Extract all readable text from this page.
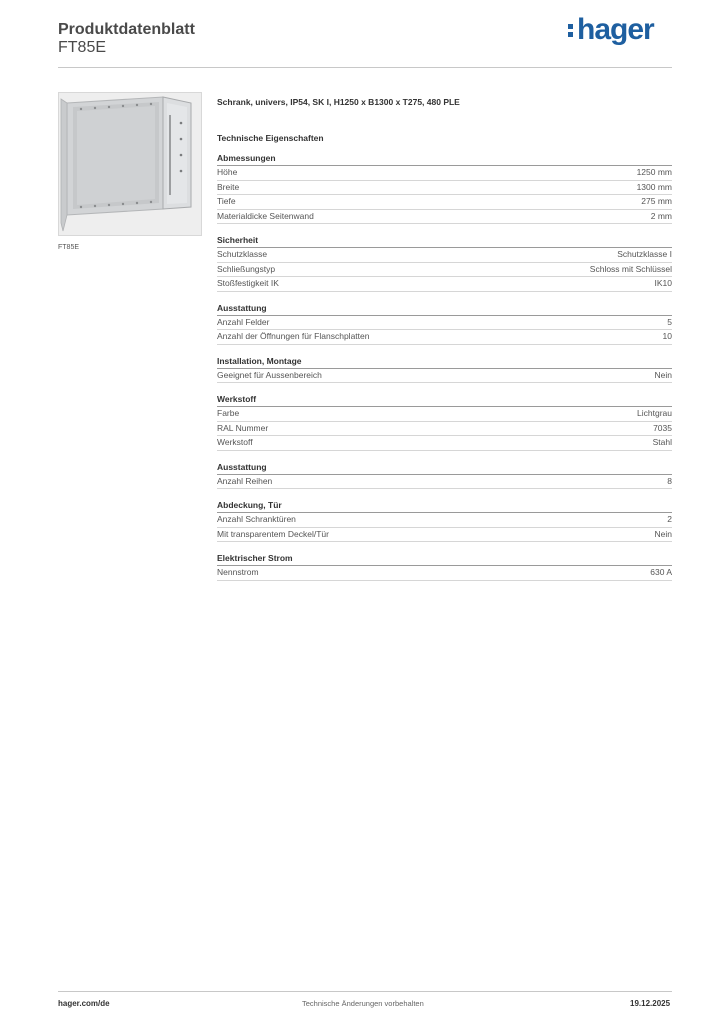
Produktdatenblatt
FT85E
hager
FT85E
Schrank, univers, IP54, SK I, H1250 x B1300 x T275, 480 PLE
Technische Eigenschaften
Abmessungen
Höhe	1250 mm
Breite	1300 mm
Tiefe	275 mm
Materialdicke Seitenwand	2 mm
Sicherheit
Schutzklasse	Schutzklasse I
Schließungstyp	Schloss mit Schlüssel
Stoßfestigkeit IK	IK10
Ausstattung
Anzahl Felder	5
Anzahl der Öffnungen für Flanschplatten	10
Installation, Montage
Geeignet für Aussenbereich	Nein
Werkstoff
Farbe	Lichtgrau
RAL Nummer	7035
Werkstoff	Stahl
Ausstattung
Anzahl Reihen	8
Abdeckung, Tür
Anzahl Schranktüren	2
Mit transparentem Deckel/Tür	Nein
Elektrischer Strom
Nennstrom	630 A
hager.com/de	Technische Änderungen vorbehalten	19.12.2025
